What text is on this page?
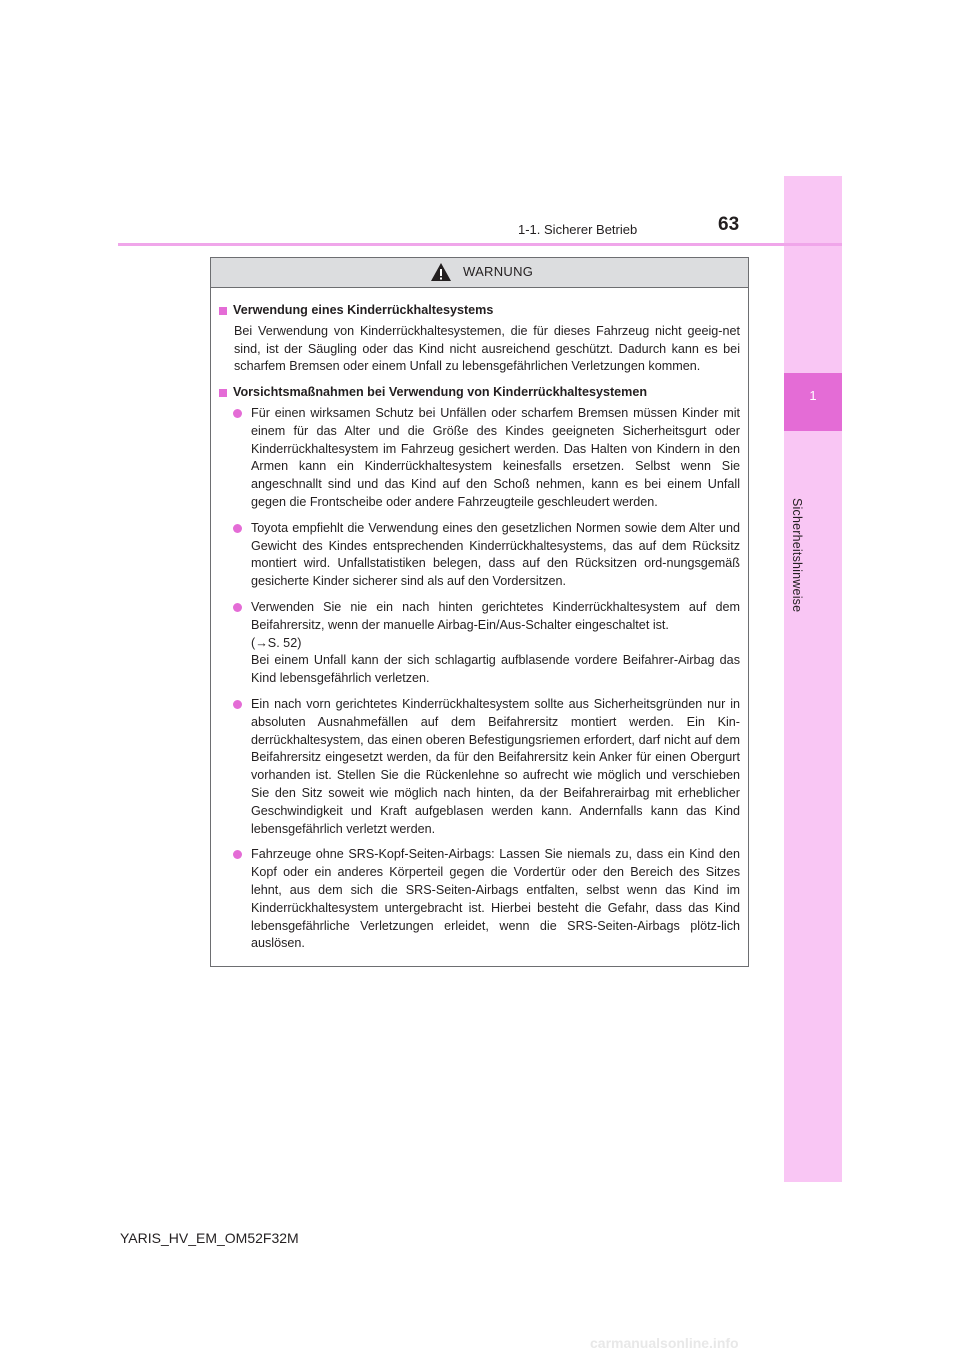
1
Sicherheitshinweise
1-1. Sicherer Betrieb	63
WARNUNG
Verwendung eines Kinderrückhaltesystems

Bei Verwendung von Kinderrückhaltesystemen, die für dieses Fahrzeug nicht geeig-net sind, ist der Säugling oder das Kind nicht ausreichend geschützt. Dadurch kann es bei scharfem Bremsen oder einem Unfall zu lebensgefährlichen Verletzungen kommen.

Vorsichtsmaßnahmen bei Verwendung von Kinderrückhaltesystemen
Für einen wirksamen Schutz bei Unfällen oder scharfem Bremsen müssen Kinder mit einem für das Alter und die Größe des Kindes geeigneten Sicherheitsgurt oder Kinderrückhaltesystem im Fahrzeug gesichert werden. Das Halten von Kindern in den Armen kann ein Kinderrückhaltesystem keinesfalls ersetzen. Selbst wenn Sie angeschnallt sind und das Kind auf den Schoß nehmen, kann es bei einem Unfall gegen die Frontscheibe oder andere Fahrzeugteile geschleudert werden.
Toyota empfiehlt die Verwendung eines den gesetzlichen Normen sowie dem Alter und Gewicht des Kindes entsprechenden Kinderrückhaltesystems, das auf dem Rücksitz montiert wird. Unfallstatistiken belegen, dass auf den Rücksitzen ord-nungsgemäß gesicherte Kinder sicherer sind als auf den Vordersitzen.
Verwenden Sie nie ein nach hinten gerichtetes Kinderrückhaltesystem auf dem Beifahrersitz, wenn der manuelle Airbag-Ein/Aus-Schalter eingeschaltet ist.
(→S. 52)
Bei einem Unfall kann der sich schlagartig aufblasende vordere Beifahrer-Airbag das Kind lebensgefährlich verletzen.
Ein nach vorn gerichtetes Kinderrückhaltesystem sollte aus Sicherheitsgründen nur in absoluten Ausnahmefällen auf dem Beifahrersitz montiert werden. Ein Kin-derrückhaltesystem, das einen oberen Befestigungsriemen erfordert, darf nicht auf dem Beifahrersitz eingesetzt werden, da für den Beifahrersitz kein Anker für einen Obergurt vorhanden ist. Stellen Sie die Rückenlehne so aufrecht wie möglich und verschieben Sie den Sitz soweit wie möglich nach hinten, da der Beifahrerairbag mit erheblicher Geschwindigkeit und Kraft aufgeblasen werden kann. Andernfalls kann das Kind lebensgefährlich verletzt werden.
Fahrzeuge ohne SRS-Kopf-Seiten-Airbags: Lassen Sie niemals zu, dass ein Kind den Kopf oder ein anderes Körperteil gegen die Vordertür oder den Bereich des Sitzes lehnt, aus dem sich die SRS-Seiten-Airbags entfalten, selbst wenn das Kind im Kinderrückhaltesystem untergebracht ist. Hierbei besteht die Gefahr, dass das Kind lebensgefährliche Verletzungen erleidet, wenn die SRS-Seiten-Airbags plötz-lich auslösen.
YARIS_HV_EM_OM52F32M
carmanualsonline.info
